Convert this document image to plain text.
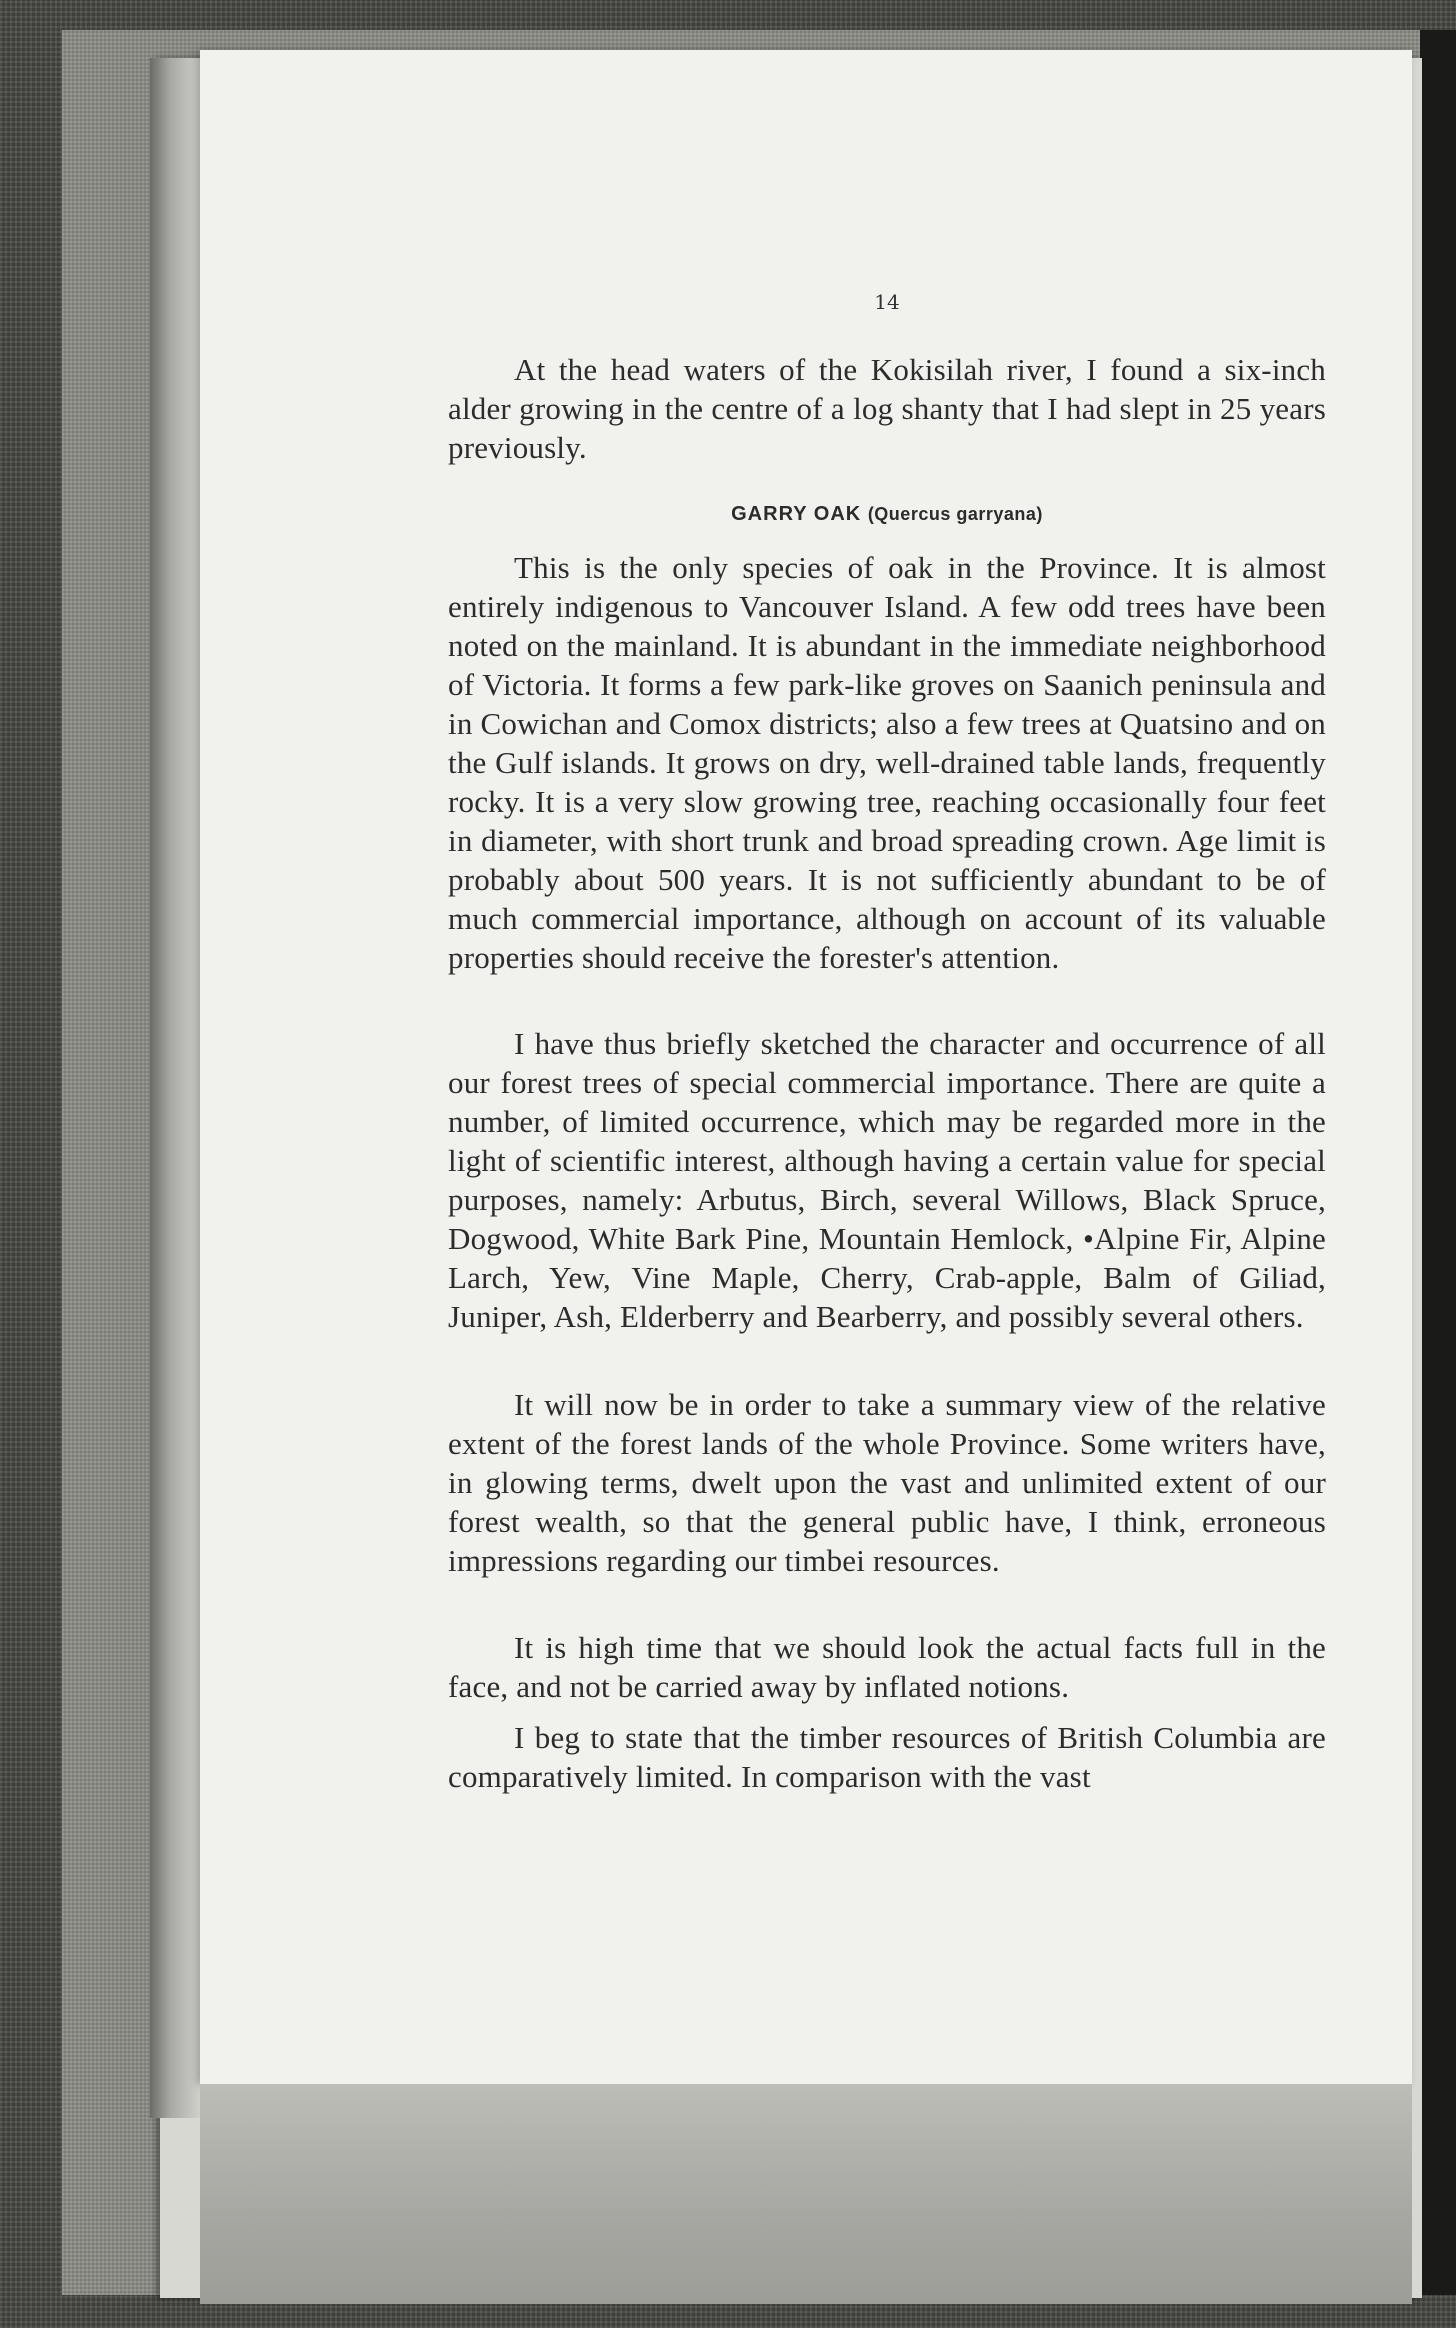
14

At the head waters of the Kokisilah river, I found a six-inch alder growing in the centre of a log shanty that I had slept in 25 years previously.

GARRY OAK (Quercus garryana)

This is the only species of oak in the Province. It is almost entirely indigenous to Vancouver Island. A few odd trees have been noted on the mainland. It is abundant in the immediate neighborhood of Victoria. It forms a few park-like groves on Saanich peninsula and in Cowichan and Comox districts; also a few trees at Quatsino and on the Gulf islands. It grows on dry, well-drained table lands, frequently rocky. It is a very slow growing tree, reaching occasionally four feet in diameter, with short trunk and broad spreading crown. Age limit is probably about 500 years. It is not sufficiently abundant to be of much commercial importance, although on account of its valuable properties should receive the forester's attention.

I have thus briefly sketched the character and occurrence of all our forest trees of special commercial importance. There are quite a number, of limited occurrence, which may be regarded more in the light of scientific interest, although having a certain value for special purposes, namely: Arbutus, Birch, several Willows, Black Spruce, Dogwood, White Bark Pine, Mountain Hemlock, •Alpine Fir, Alpine Larch, Yew, Vine Maple, Cherry, Crab-apple, Balm of Giliad, Juniper, Ash, Elderberry and Bearberry, and possibly several others.

It will now be in order to take a summary view of the relative extent of the forest lands of the whole Province. Some writers have, in glowing terms, dwelt upon the vast and unlimited extent of our forest wealth, so that the general public have, I think, erroneous impressions regarding our timbei resources.

It is high time that we should look the actual facts full in the face, and not be carried away by inflated notions.

I beg to state that the timber resources of British Columbia are comparatively limited. In comparison with the vast
